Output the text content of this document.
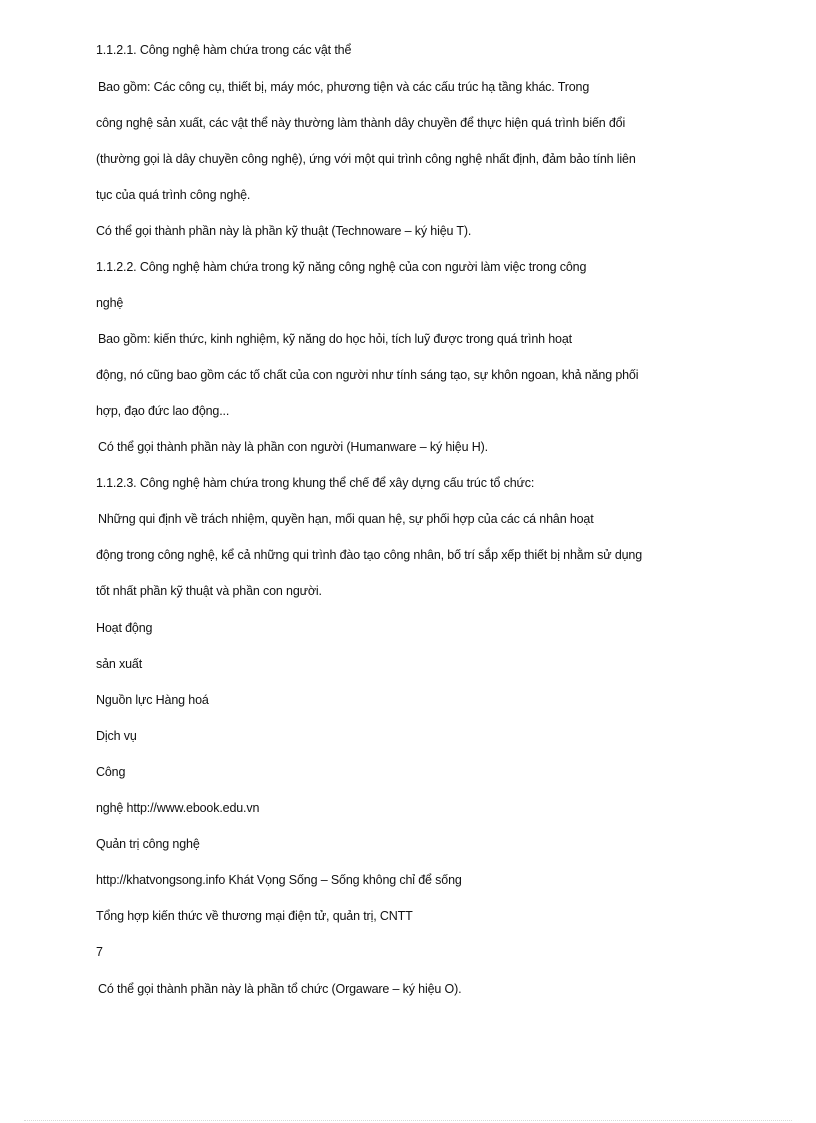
1.1.2.1. Công nghệ hàm chứa trong các vật thể
Bao gồm: Các công cụ, thiết bị, máy móc, phương tiện và các cấu trúc hạ tầng khác. Trong
công nghệ sản xuất, các vật thể này thường làm thành dây chuyền để thực hiện quá trình biến đổi
(thường gọi là dây chuyền công nghệ), ứng với một qui trình công nghệ nhất định, đảm bảo tính liên
tục của quá trình công nghệ.
Có thể gọi thành phần này là phần kỹ thuật (Technoware – ký hiệu T).
1.1.2.2. Công nghệ hàm chứa trong kỹ năng công nghệ của con người làm việc trong công
nghệ
Bao gồm: kiến thức, kinh nghiệm, kỹ năng do học hỏi, tích luỹ được trong quá trình hoạt
động, nó cũng bao gồm các tố chất của con người như tính sáng tạo, sự khôn ngoan, khả năng phối
hợp, đạo đức lao động...
Có thể gọi thành phần này là phần con người (Humanware – ký hiệu H).
1.1.2.3. Công nghệ hàm chứa trong khung thể chế để xây dựng cấu trúc tổ chức:
Những qui định về trách nhiệm, quyền hạn, mối quan hệ, sự phối hợp của các cá nhân hoạt
động trong công nghệ, kể cả những qui trình đào tạo công nhân, bố trí sắp xếp thiết bị nhằm sử dụng
tốt nhất phần kỹ thuật và phần con người.
Hoạt động
sản xuất
Nguồn lực Hàng hoá
Dịch vụ
Công
nghệ http://www.ebook.edu.vn
Quản trị công nghệ
http://khatvongsong.info Khát Vọng Sống – Sống không chỉ để sống
Tổng hợp kiến thức về thương mại điện tử, quản trị, CNTT
7
Có thể gọi thành phần này là phần tổ chức (Orgaware – ký hiệu O).
